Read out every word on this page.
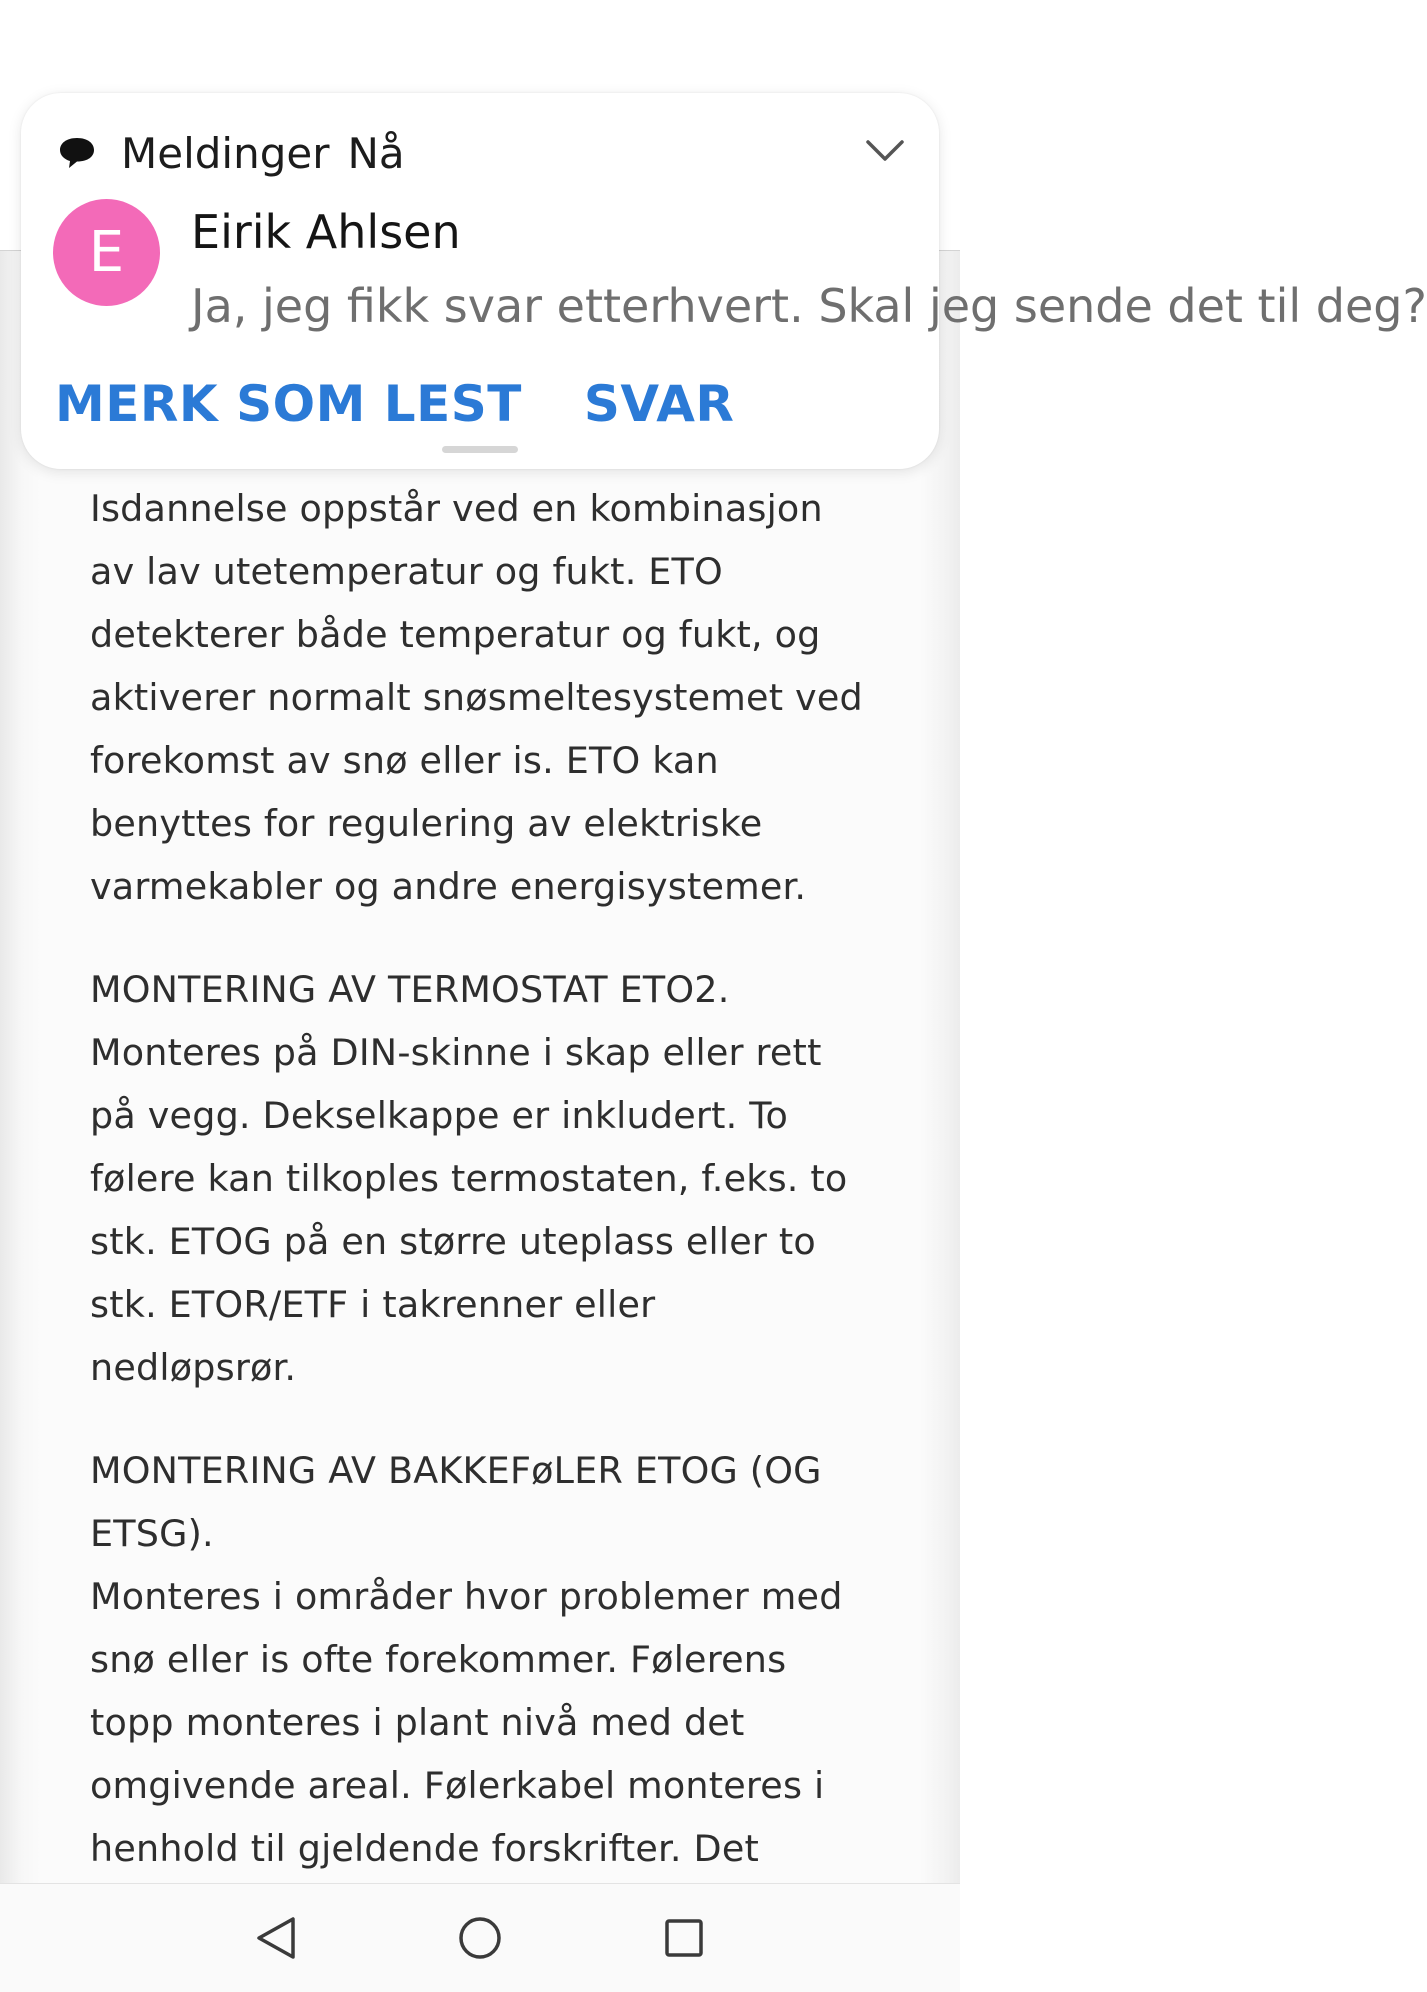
Isdannelse oppstår ved en kombinasjon
av lav utetemperatur og fukt. ETO
detekterer både temperatur og fukt, og
aktiverer normalt snøsmeltesystemet ved
forekomst av snø eller is. ETO kan
benyttes for regulering av elektriske
varmekabler og andre energisystemer.

MONTERING AV TERMOSTAT ETO2.
Monteres på DIN-skinne i skap eller rett
på vegg. Dekselkappe er inkludert. To
følere kan tilkoples termostaten, f.eks. to
stk. ETOG på en større uteplass eller to
stk. ETOR/ETF i takrenner eller
nedløpsrør.

MONTERING AV BAKKEFøLER ETOG (OG
ETSG).
Monteres i områder hvor problemer med
snø eller is ofte forekommer. Følerens
topp monteres i plant nivå med det
omgivende areal. Følerkabel monteres i
henhold til gjeldende forskrifter. Det

Meldinger Nå
E	Eirik Ahlsen
Ja, jeg fikk svar etterhvert. Skal jeg sende det til deg?
MERK SOM LEST SVAR
